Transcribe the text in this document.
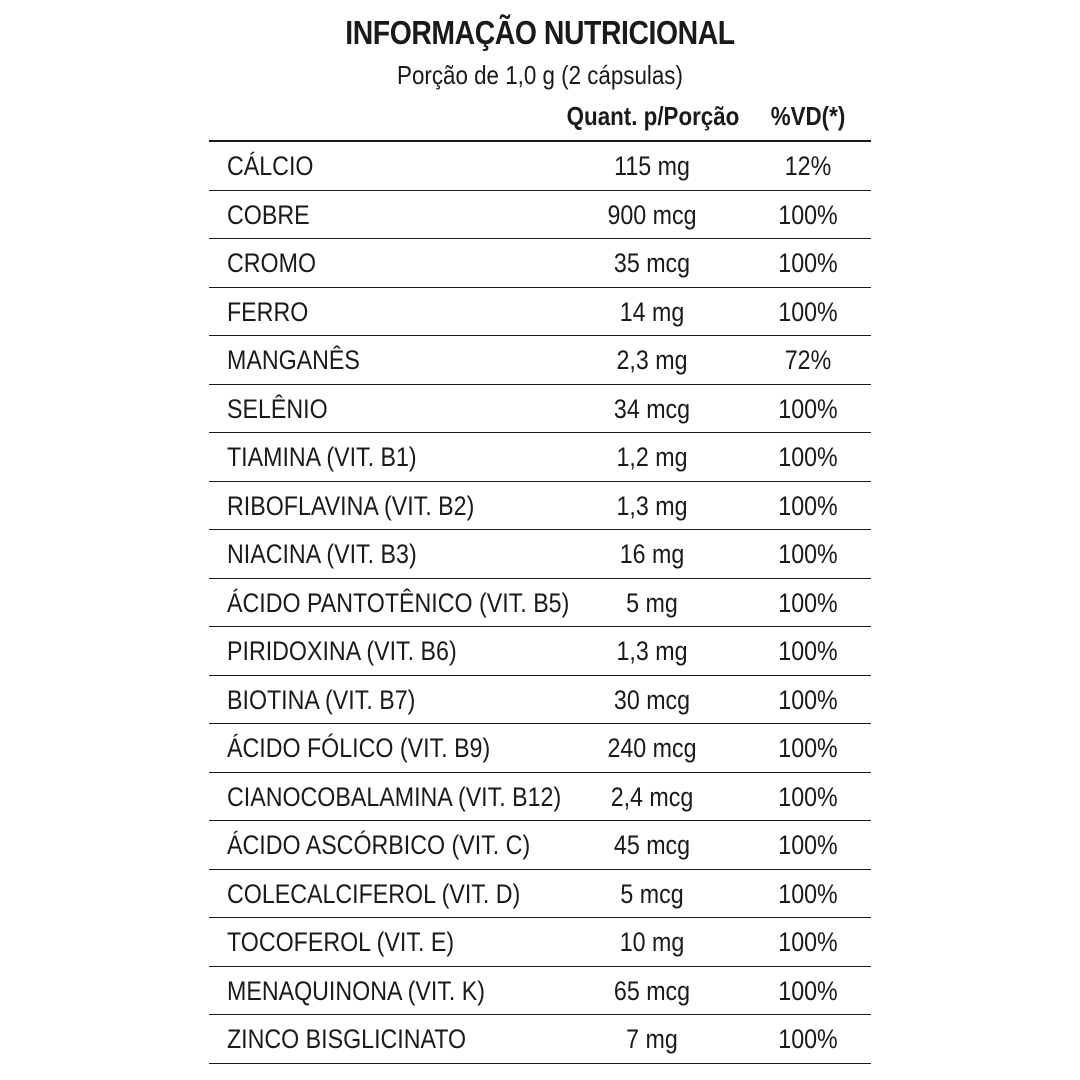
INFORMAÇÃO NUTRICIONAL
Porção de 1,0 g (2 cápsulas)
Quant. p/Porção	%VD(*)
CÁLCIO	115 mg	12%
COBRE	900 mcg	100%
CROMO	35 mcg	100%
FERRO	14 mg	100%
MANGANÊS	2,3 mg	72%
SELÊNIO	34 mcg	100%
TIAMINA (VIT. B1)	1,2 mg	100%
RIBOFLAVINA (VIT. B2)	1,3 mg	100%
NIACINA (VIT. B3)	16 mg	100%
ÁCIDO PANTOTÊNICO (VIT. B5)	5 mg	100%
PIRIDOXINA (VIT. B6)	1,3 mg	100%
BIOTINA (VIT. B7)	30 mcg	100%
ÁCIDO FÓLICO (VIT. B9)	240 mcg	100%
CIANOCOBALAMINA (VIT. B12)	2,4 mcg	100%
ÁCIDO ASCÓRBICO (VIT. C)	45 mcg	100%
COLECALCIFEROL (VIT. D)	5 mcg	100%
TOCOFEROL (VIT. E)	10 mg	100%
MENAQUINONA (VIT. K)	65 mcg	100%
ZINCO BISGLICINATO	7 mg	100%
